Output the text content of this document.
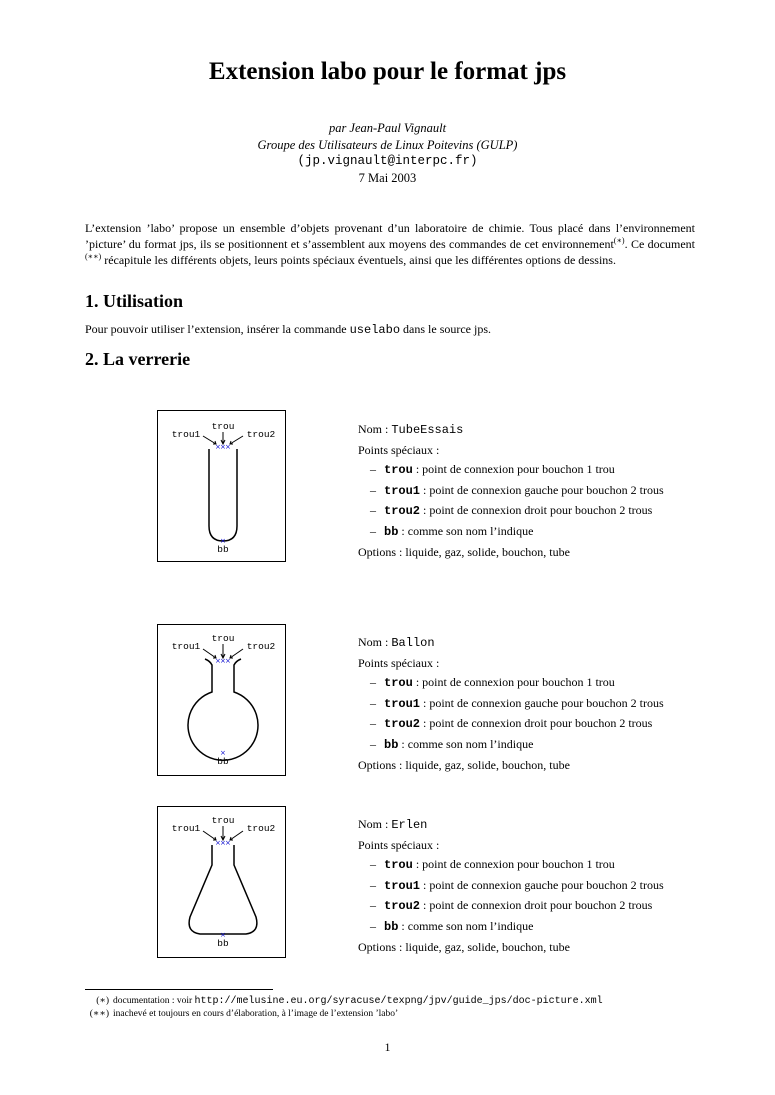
Extension labo pour le format jps
par Jean-Paul Vignault
Groupe des Utilisateurs de Linux Poitevins (GULP)
(jp.vignault@interpc.fr)
7 Mai 2003
L’extension ’labo’ propose un ensemble d’objets provenant d’un laboratoire de chimie. Tous placé dans l’environnement ’picture’ du format jps, ils se positionnent et s’assemblent aux moyens des commandes de cet environnement(∗). Ce document (∗∗) récapitule les différents objets, leurs points spéciaux éventuels, ainsi que les différentes options de dessins.
1. Utilisation
Pour pouvoir utiliser l’extension, insérer la commande uselabo dans le source jps.
2. La verrerie
trou
trou1	trou2
× × ×
×
bb
Nom : TubeEssais
Points spéciaux :
– trou : point de connexion pour bouchon 1 trou
– trou1 : point de connexion gauche pour bouchon 2 trous
– trou2 : point de connexion droit pour bouchon 2 trous
– bb : comme son nom l’indique
Options : liquide, gaz, solide, bouchon, tube
trou
trou1	trou2
× × ×
×
bb
Nom : Ballon
Points spéciaux :
– trou : point de connexion pour bouchon 1 trou
– trou1 : point de connexion gauche pour bouchon 2 trous
– trou2 : point de connexion droit pour bouchon 2 trous
– bb : comme son nom l’indique
Options : liquide, gaz, solide, bouchon, tube
trou
trou1	trou2
× × ×
×
bb
Nom : Erlen
Points spéciaux :
– trou : point de connexion pour bouchon 1 trou
– trou1 : point de connexion gauche pour bouchon 2 trous
– trou2 : point de connexion droit pour bouchon 2 trous
– bb : comme son nom l’indique
Options : liquide, gaz, solide, bouchon, tube
(∗) documentation : voir http://melusine.eu.org/syracuse/texpng/jpv/guide_jps/doc-picture.xml
(∗∗) inachevé et toujours en cours d’élaboration, à l’image de l’extension ’labo’
1
